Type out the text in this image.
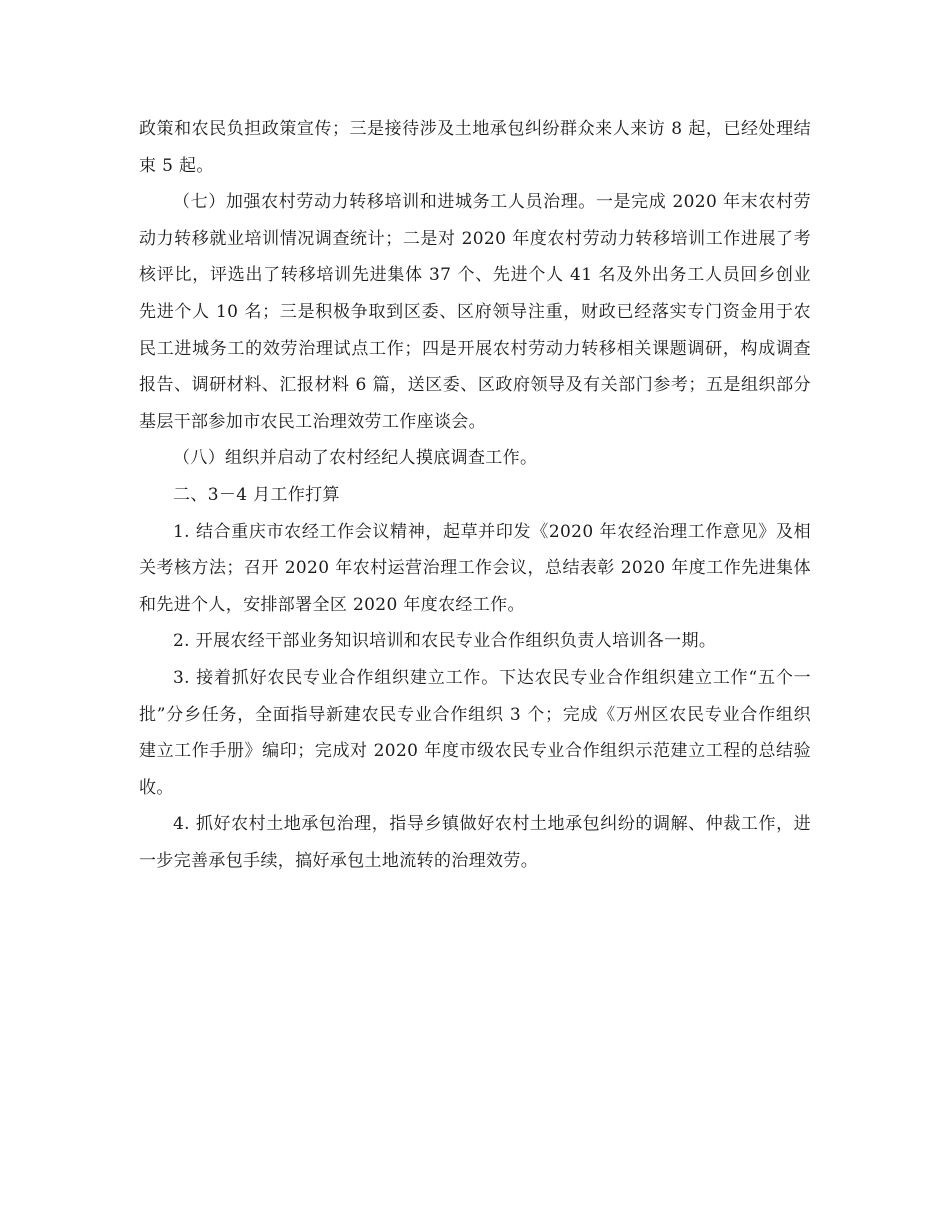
政策和农民负担政策宣传；三是接待涉及土地承包纠纷群众来人来访 8 起，已经处理结束 5 起。

（七）加强农村劳动力转移培训和进城务工人员治理。一是完成 2020 年末农村劳动力转移就业培训情况调查统计；二是对 2020 年度农村劳动力转移培训工作进展了考核评比，评选出了转移培训先进集体 37 个、先进个人 41 名及外出务工人员回乡创业先进个人 10 名；三是积极争取到区委、区府领导注重，财政已经落实专门资金用于农民工进城务工的效劳治理试点工作；四是开展农村劳动力转移相关课题调研，构成调查报告、调研材料、汇报材料 6 篇，送区委、区政府领导及有关部门参考；五是组织部分基层干部参加市农民工治理效劳工作座谈会。

（八）组织并启动了农村经纪人摸底调查工作。

二、3－4 月工作打算

1. 结合重庆市农经工作会议精神，起草并印发《2020 年农经治理工作意见》及相关考核方法；召开 2020 年农村运营治理工作会议，总结表彰 2020 年度工作先进集体和先进个人，安排部署全区 2020 年度农经工作。

2. 开展农经干部业务知识培训和农民专业合作组织负责人培训各一期。

3. 接着抓好农民专业合作组织建立工作。下达农民专业合作组织建立工作“五个一批”分乡任务，全面指导新建农民专业合作组织 3 个；完成《万州区农民专业合作组织建立工作手册》编印；完成对 2020 年度市级农民专业合作组织示范建立工程的总结验收。

4. 抓好农村土地承包治理，指导乡镇做好农村土地承包纠纷的调解、仲裁工作，进一步完善承包手续，搞好承包土地流转的治理效劳。
